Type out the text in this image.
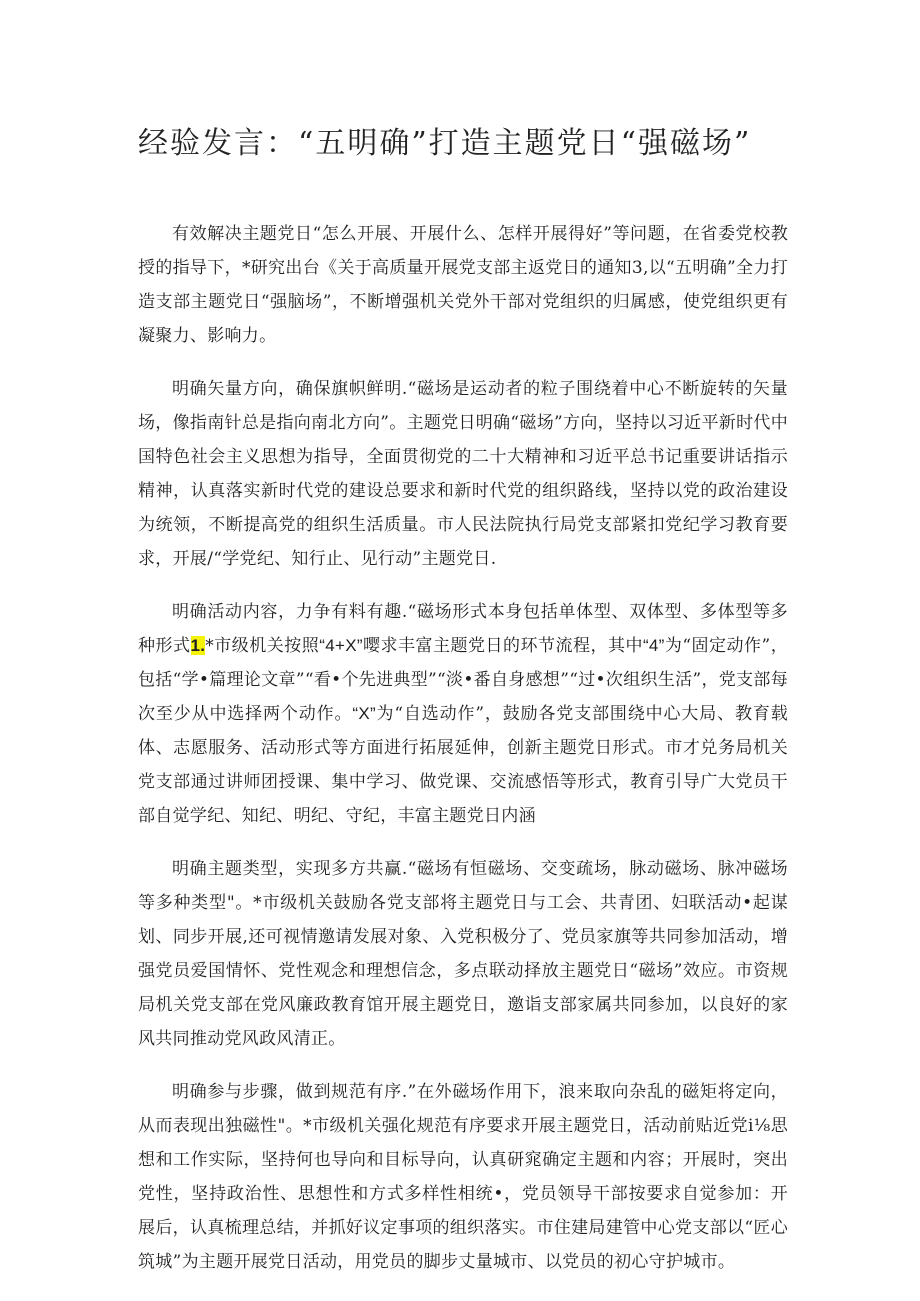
经验发言：“五明确”打造主题党日“强磁场”

有效解决主题党日“怎么开展、开展什么、怎样开展得好”等问题，在省委党校教授的指导下，*研究出台《关于高质量开展党支部主返党日的通知3,以“五明确”全力打造支部主题党日“强脑场”，不断增强机关党外干部对党组织的归属感，使党组织更有凝聚力、影响力。

明确矢量方向，确保旗帜鲜明.“磁场是运动者的粒子围绕着中心不断旋转的矢量场，像指南针总是指向南北方向”。主题党日明确“磁场”方向，坚持以习近平新时代中国特色社会主义思想为指导，全面贯彻党的二十大精神和习近平总书记重要讲话指示精神，认真落实新时代党的建设总要求和新时代党的组织路线，坚持以党的政治建设为统领，不断提高党的组织生活质量。市人民法院执行局党支部紧扣党纪学习教育要求，开展/“学党纪、知行止、见行动”主题党日.

明确活动内容，力争有料有趣.“磁场形式本身包括单体型、双体型、多体型等多种形式1.*市级机关按照“4+X”嘤求丰富主题党日的环节流程，其中“4”为“固定动作”，包括“学•篇理论文章”“看•个先进典型”“淡•番自身感想”“过•次组织生活”，党支部每次至少从中选择两个动作。“X”为“自选动作”，鼓励各党支部围绕中心大局、教育载体、志愿服务、活动形式等方面进行拓展延伸，创新主题党日形式。市才兑务局机关党支部通过讲师团授课、集中学习、做党课、交流感悟等形式，教育引导广大党员干部自觉学纪、知纪、明纪、守纪，丰富主题党日内涵

明确主题类型，实现多方共赢.“磁场有恒磁场、交变疏场，脉动磁场、脉冲磁场等多种类型"。*市级机关鼓励各党支部将主题党日与工会、共青团、妇联活动•起谋划、同步开展,还可视情邀请发展对象、入党积极分了、党员家旗等共同参加活动，增强党员爱国情怀、党性观念和理想信念，多点联动择放主题党日“磁场”效应。市资规局机关党支部在党风廉政教育馆开展主题党日，邀诣支部家属共同参加，以良好的家风共同推动党风政风清正。

明确参与步骤，做到规范有序.”在外磁场作用下，浪来取向杂乱的磁矩将定向，从而表现出独磁性"。*市级机关强化规范有序要求开展主题党日，活动前贴近党i⅛思想和工作实际，坚持何也导向和目标导向，认真研窕确定主题和内容；开展时，突出党性，坚持政治性、思想性和方式多样性相统•，党员领导干部按要求自觉参加：开展后，认真梳理总结，并抓好议定事项的组织落实。市住建局建管中心党支部以“匠心筑城”为主题开展党日活动，用党员的脚步丈量城市、以党员的初心守护城市。
